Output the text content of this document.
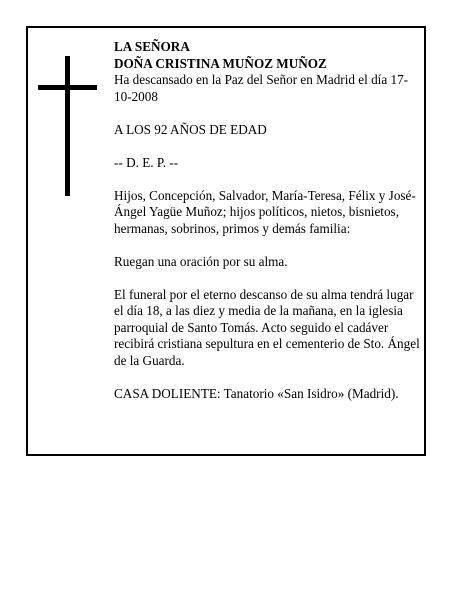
LA SEÑORA

DOÑA CRISTINA MUÑOZ MUÑOZ

Ha descansado en la Paz del Señor en Madrid el día 17-10-2008

A LOS 92 AÑOS DE EDAD

-- D. E. P. --

Hijos, Concepción, Salvador, María-Teresa, Félix y José-Ángel Yagüe Muñoz; hijos políticos, nietos, bisnietos, hermanas, sobrinos, primos y demás familia:

Ruegan una oración por su alma.

El funeral por el eterno descanso de su alma tendrá lugar el día 18, a las diez y media de la mañana, en la iglesia parroquial de Santo Tomás. Acto seguido el cadáver recibirá cristiana sepultura en el cementerio de Sto. Ángel de la Guarda.

CASA DOLIENTE: Tanatorio «San Isidro» (Madrid).
